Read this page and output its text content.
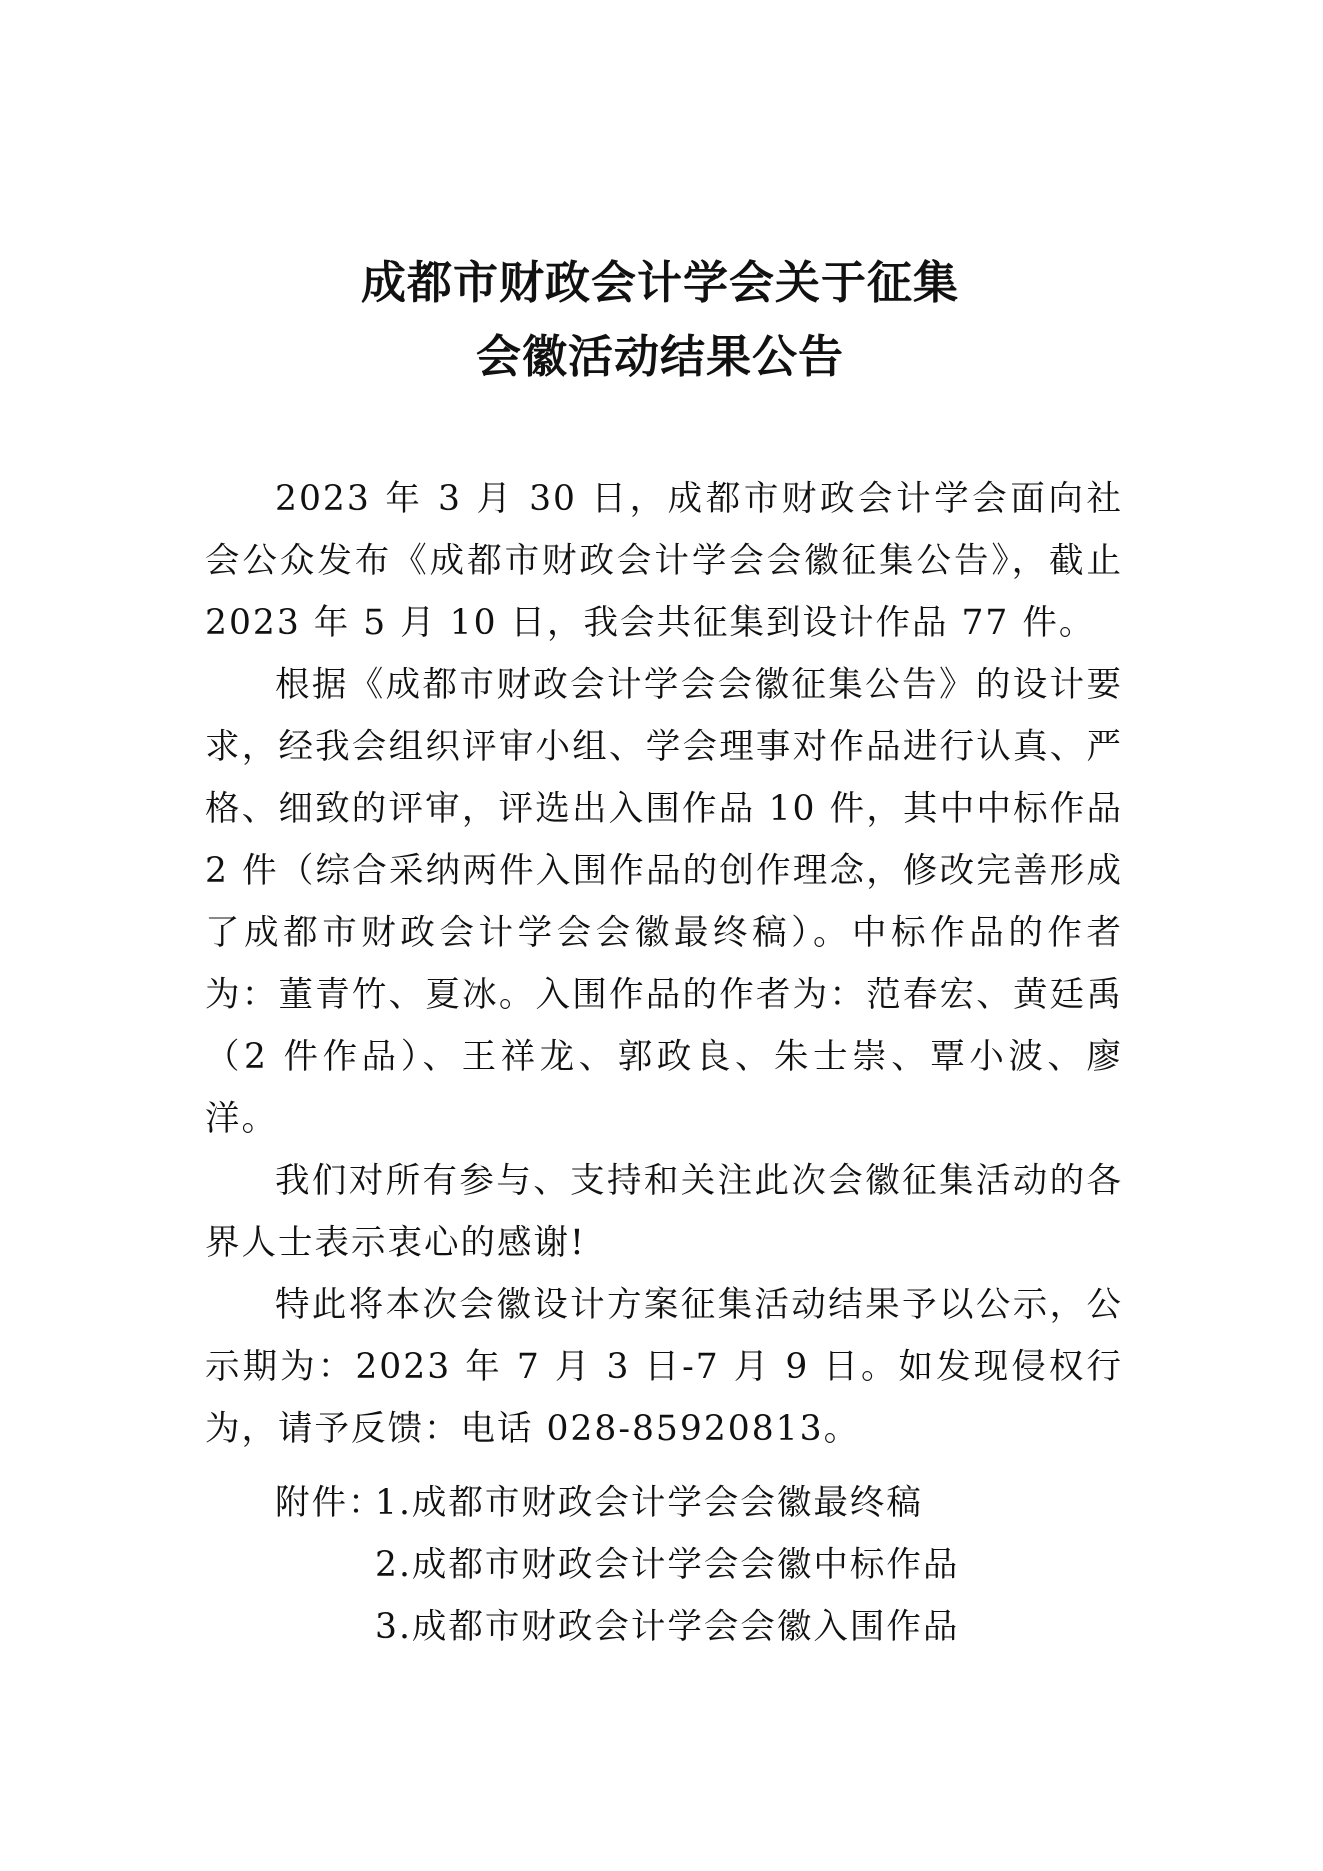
成都市财政会计学会关于征集
会徽活动结果公告

2023 年 3 月 30 日，成都市财政会计学会面向社会公众发布《成都市财政会计学会会徽征集公告》，截止 2023 年 5 月 10 日，我会共征集到设计作品 77 件。

根据《成都市财政会计学会会徽征集公告》的设计要求，经我会组织评审小组、学会理事对作品进行认真、严格、细致的评审，评选出入围作品 10 件，其中中标作品 2 件（综合采纳两件入围作品的创作理念，修改完善形成了成都市财政会计学会会徽最终稿）。中标作品的作者为：董青竹、夏冰。入围作品的作者为：范春宏、黄廷禹（2 件作品）、王祥龙、郭政良、朱士崇、覃小波、廖洋。

我们对所有参与、支持和关注此次会徽征集活动的各界人士表示衷心的感谢!

特此将本次会徽设计方案征集活动结果予以公示，公示期为：2023 年 7 月 3 日-7 月 9 日。如发现侵权行为，请予反馈：电话 028-85920813。

附件：1.成都市财政会计学会会徽最终稿
2.成都市财政会计学会会徽中标作品
3.成都市财政会计学会会徽入围作品
